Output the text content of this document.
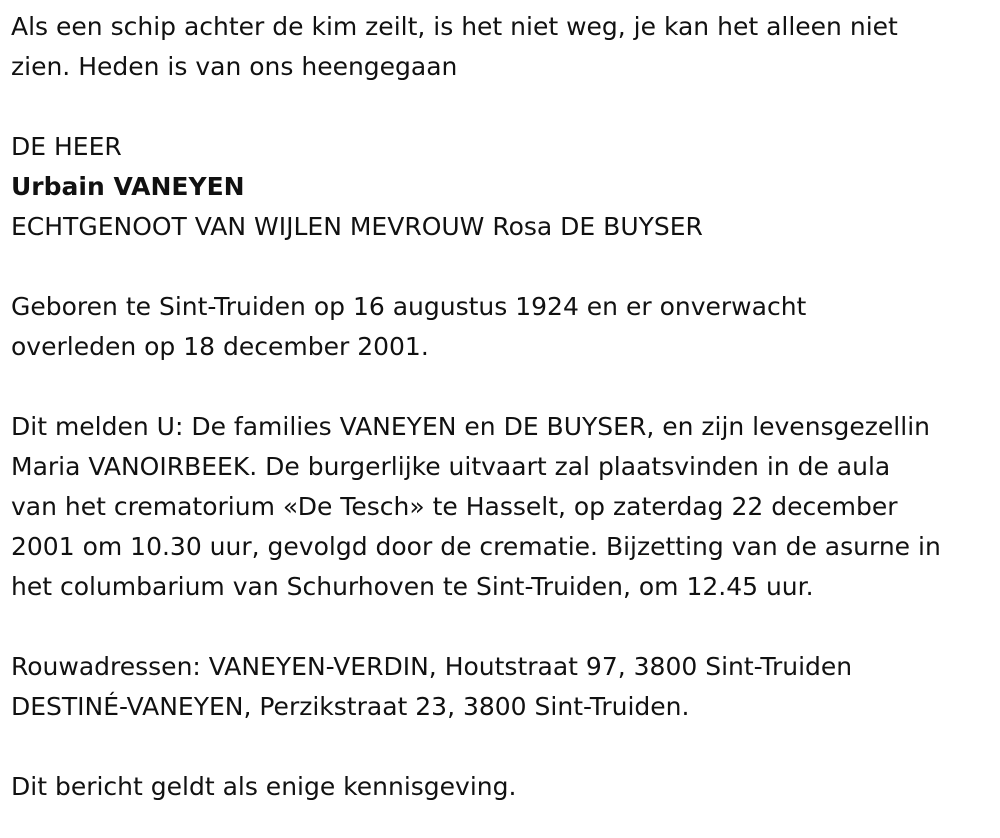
Als een schip achter de kim zeilt, is het niet weg, je kan het alleen niet

zien. Heden is van ons heengegaan

DE HEER

Urbain VANEYEN

ECHTGENOOT VAN WIJLEN MEVROUW Rosa DE BUYSER

Geboren te Sint-Truiden op 16 augustus 1924 en er onverwacht

overleden op 18 december 2001.

Dit melden U: De families VANEYEN en DE BUYSER, en zijn levensgezellin

Maria VANOIRBEEK. De burgerlijke uitvaart zal plaatsvinden in de aula

van het crematorium «De Tesch» te Hasselt, op zaterdag 22 december

2001 om 10.30 uur, gevolgd door de crematie. Bijzetting van de asurne in

het columbarium van Schurhoven te Sint-Truiden, om 12.45 uur.

Rouwadressen: VANEYEN-VERDIN, Houtstraat 97, 3800 Sint-Truiden

DESTINÉ-VANEYEN, Perzikstraat 23, 3800 Sint-Truiden.

Dit bericht geldt als enige kennisgeving.
